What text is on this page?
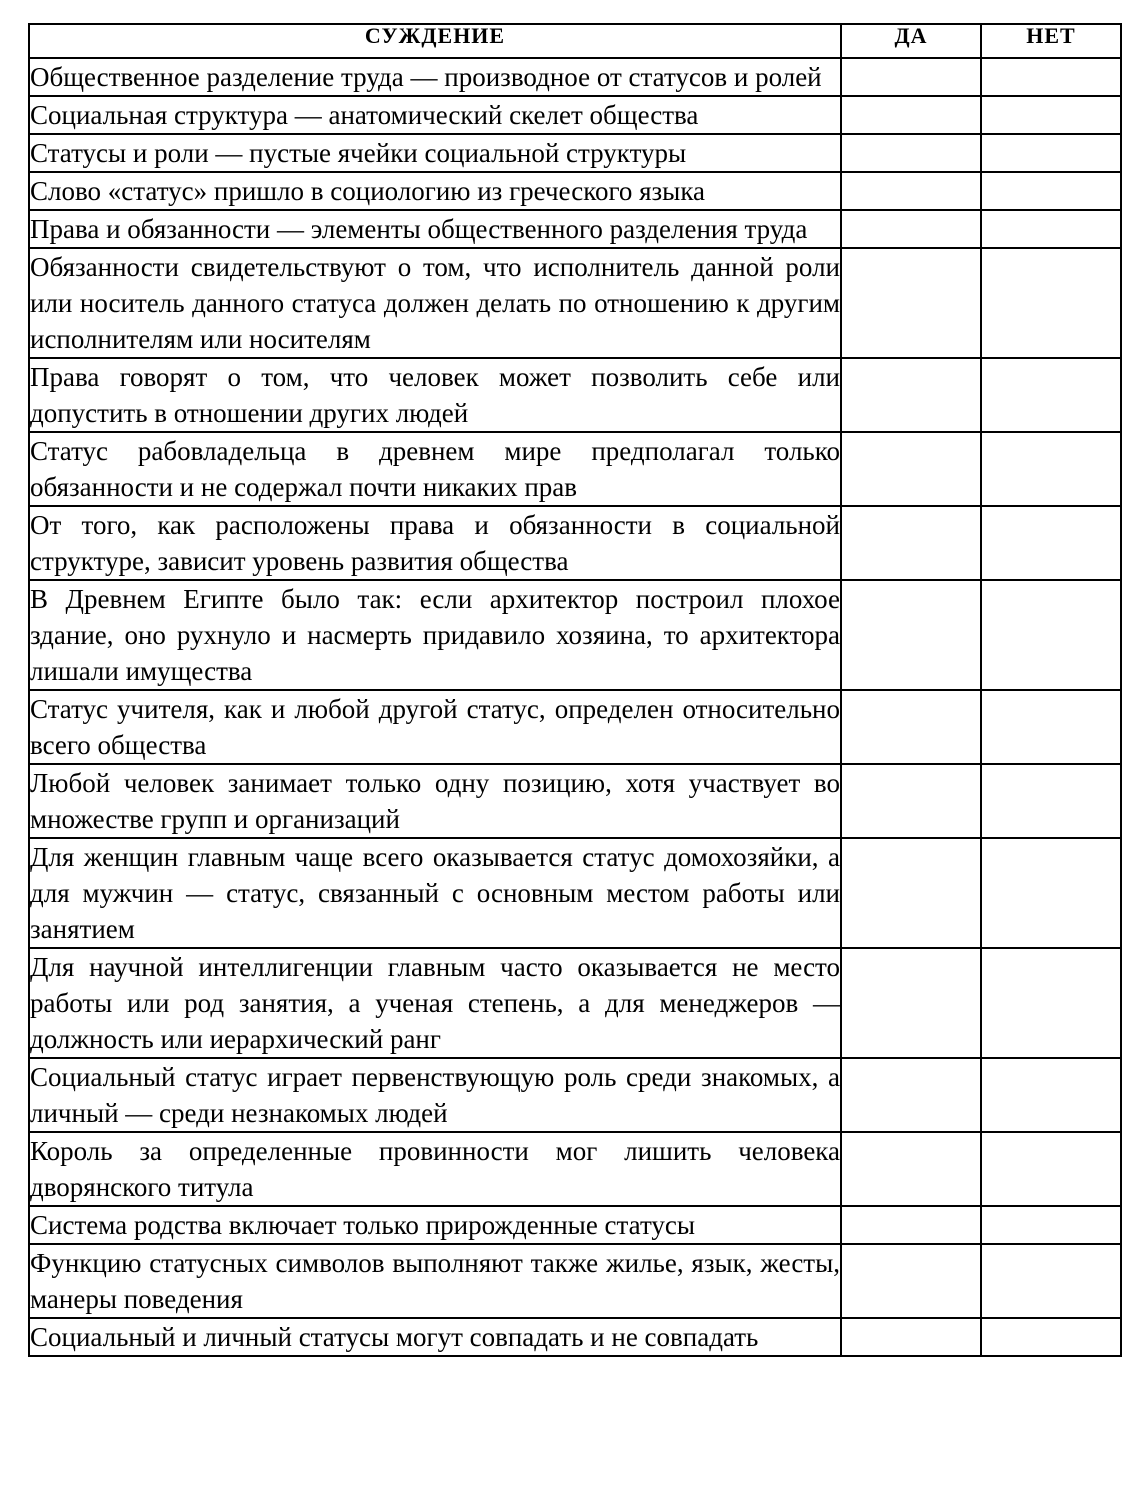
СУЖДЕНИЕ	ДА	НЕТ
Общественное разделение труда — производное от статусов и ролей		
Социальная структура — анатомический скелет общества		
Статусы и роли — пустые ячейки социальной структуры		
Слово «статус» пришло в социологию из греческого языка		
Права и обязанности — элементы общественного разделения труда		
Обязанности свидетельствуют о том, что исполнитель данной роли или носитель данного статуса должен делать по отношению к другим исполнителям или носителям		
Права говорят о том, что человек может позволить себе или допустить в отношении других людей		
Статус рабовладельца в древнем мире предполагал только обязанности и не содержал почти никаких прав		
От того, как расположены права и обязанности в социальной структуре, зависит уровень развития общества		
В Древнем Египте было так: если архитектор построил плохое здание, оно рухнуло и насмерть придавило хозяина, то архитектора лишали имущества		
Статус учителя, как и любой другой статус, определен относительно всего общества		
Любой человек занимает только одну позицию, хотя участвует во множестве групп и организаций		
Для женщин главным чаще всего оказывается статус домохозяйки, а для мужчин — статус, связанный с основным местом работы или занятием		
Для научной интеллигенции главным часто оказывается не место работы или род занятия, а ученая степень, а для менеджеров — должность или иерархический ранг		
Социальный статус играет первенствующую роль среди знакомых, а личный — среди незнакомых людей		
Король за определенные провинности мог лишить человека дворянского титула		
Система родства включает только прирожденные статусы		
Функцию статусных символов выполняют также жилье, язык, жесты, манеры поведения		
Социальный и личный статусы могут совпадать и не совпадать		
